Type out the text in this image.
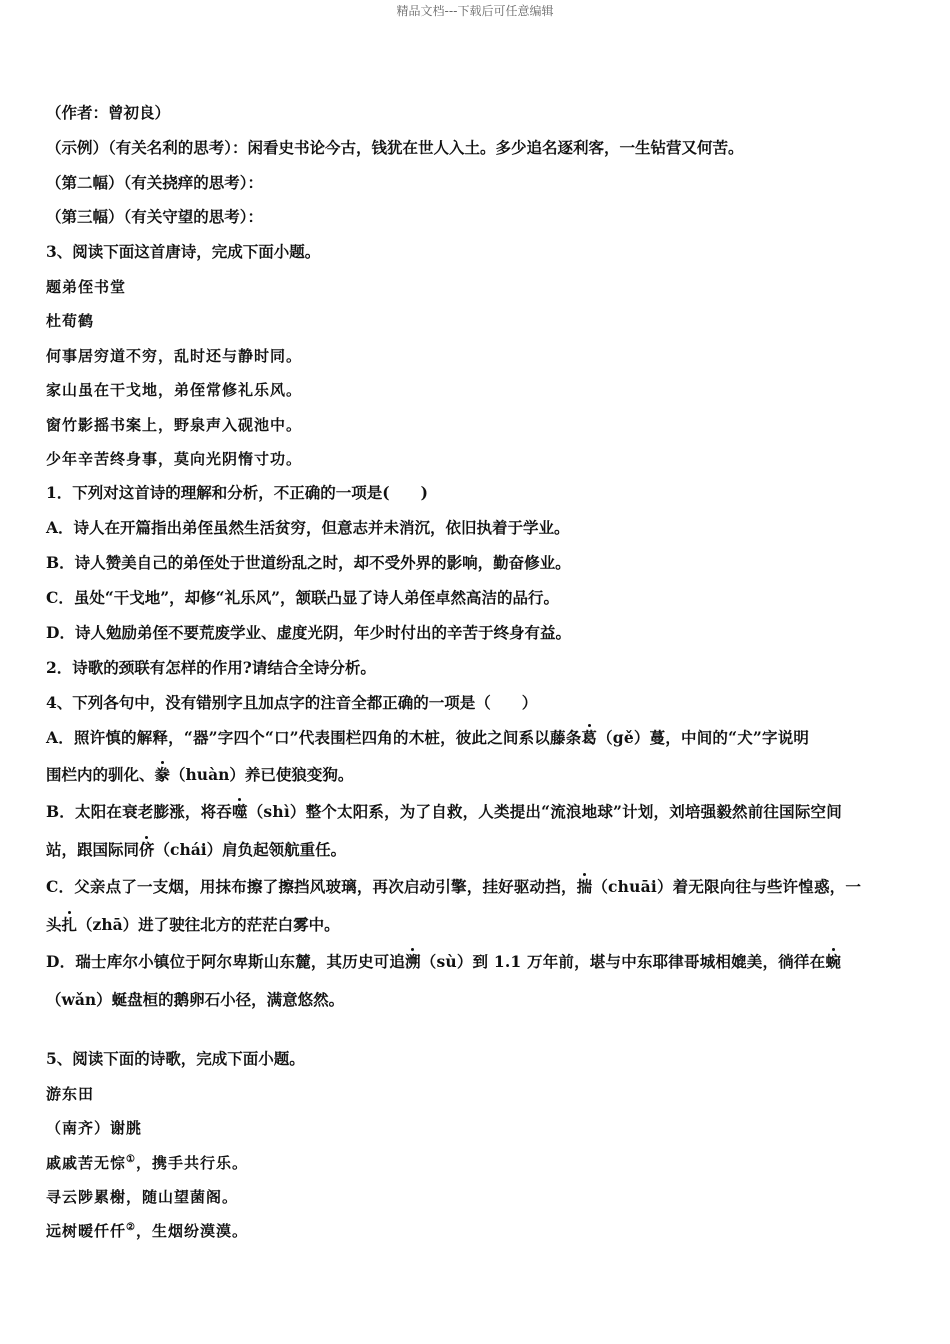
精品文档---下载后可任意编辑
（作者：曾初良）
（示例）（有关名利的思考）：闲看史书论今古，钱犹在世人入土。多少追名逐利客，一生钻营又何苦。
（第二幅）（有关挠痒的思考）：
（第三幅）（有关守望的思考）：
3、阅读下面这首唐诗，完成下面小题。
题弟侄书堂
杜荀鹤
何事居穷道不穷，乱时还与静时同。
家山虽在干戈地，弟侄常修礼乐风。
窗竹影摇书案上，野泉声入砚池中。
少年辛苦终身事，莫向光阴惰寸功。
1．下列对这首诗的理解和分析，不正确的一项是(　　)
A．诗人在开篇指出弟侄虽然生活贫穷，但意志并未消沉，依旧执着于学业。
B．诗人赞美自己的弟侄处于世道纷乱之时，却不受外界的影响，勤奋修业。
C．虽处“干戈地”，却修“礼乐风”，颔联凸显了诗人弟侄卓然高洁的品行。
D．诗人勉励弟侄不要荒废学业、虚度光阴，年少时付出的辛苦于终身有益。
2．诗歌的颈联有怎样的作用?请结合全诗分析。
4、下列各句中，没有错别字且加点字的注音全都正确的一项是（　　）
A．照许慎的解释，“器”字四个“口”代表围栏四角的木桩，彼此之间系以藤条葛（gě）蔓，中间的“犬”字说明
围栏内的驯化、豢（huàn）养已使狼变狗。
B．太阳在衰老膨涨，将吞噬（shì）整个太阳系，为了自救，人类提出“流浪地球”计划，刘培强毅然前往国际空间
站，跟国际同侪（chái）肩负起领航重任。
C．父亲点了一支烟，用抹布擦了擦挡风玻璃，再次启动引擎，挂好驱动挡，揣（chuāi）着无限向往与些许惶惑，一
头扎（zhā）进了驶往北方的茫茫白雾中。
D．瑞士库尔小镇位于阿尔卑斯山东麓，其历史可追溯（sù）到 1.1 万年前，堪与中东耶律哥城相媲美，徜徉在蜿
（wǎn）蜒盘桓的鹅卵石小径，满意悠然。
5、阅读下面的诗歌，完成下面小题。
游东田
（南齐）谢朓
戚戚苦无悰①，携手共行乐。
寻云陟累榭，随山望菌阁。
远树暧仟仟②，生烟纷漠漠。
